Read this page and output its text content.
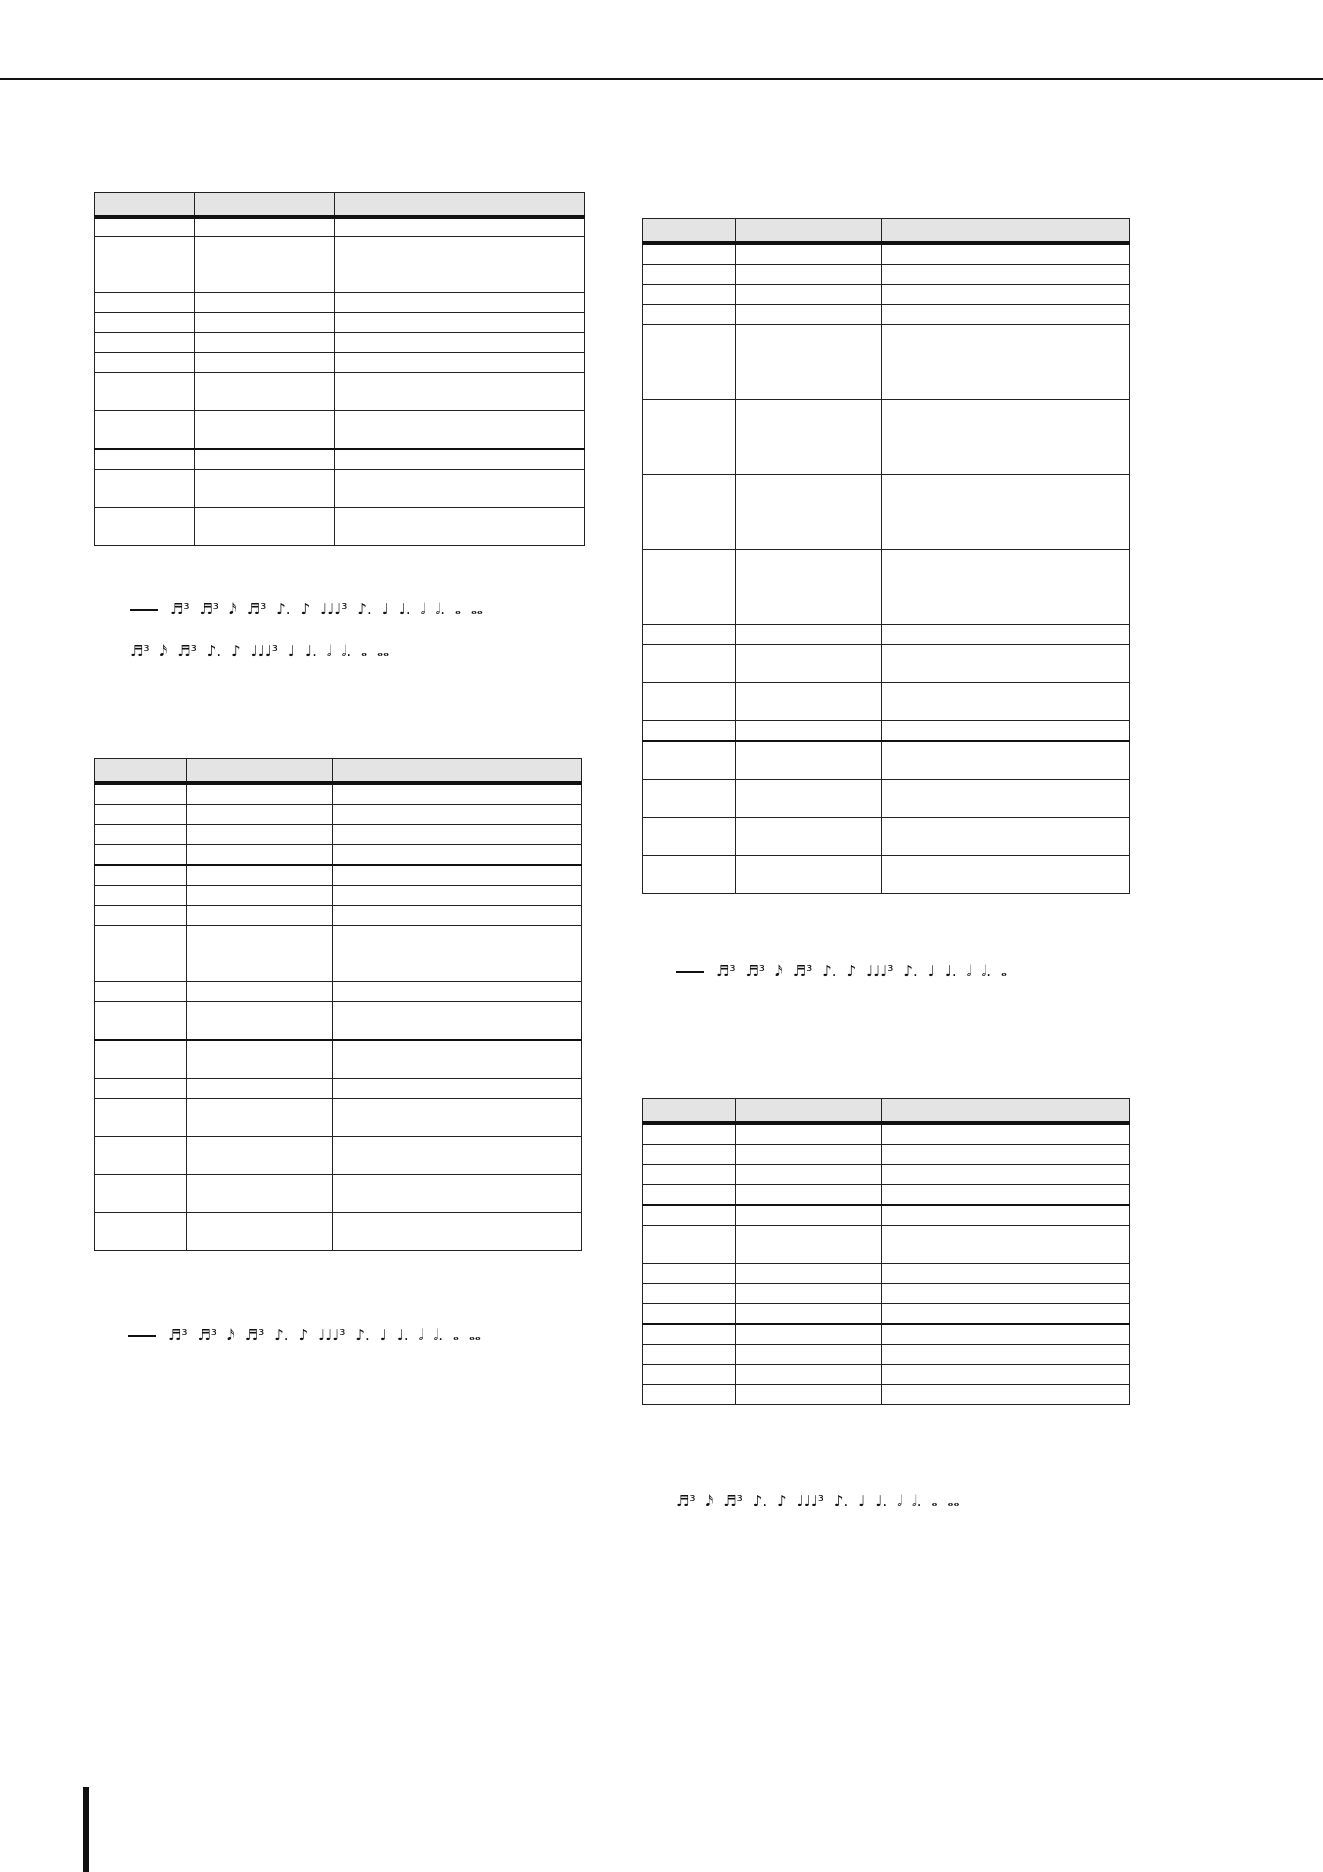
♬³ ♬³ 𝅘𝅥𝅯 ♬³ ♪. ♪ ♩♩♩³ ♪. ♩ ♩. 𝅗𝅥 𝅗𝅥. 𝅝 𝅝𝅝
♬³ 𝅘𝅥𝅯 ♬³ ♪. ♪ ♩♩♩³ ♩ ♩. 𝅗𝅥 𝅗𝅥. 𝅝 𝅝𝅝

♬³ ♬³ 𝅘𝅥𝅯 ♬³ ♪. ♪ ♩♩♩³ ♪. ♩ ♩. 𝅗𝅥 𝅗𝅥. 𝅝 𝅝𝅝

♬³ ♬³ 𝅘𝅥𝅯 ♬³ ♪. ♪ ♩♩♩³ ♪. ♩ ♩. 𝅗𝅥 𝅗𝅥. 𝅝

♬³ 𝅘𝅥𝅯 ♬³ ♪. ♪ ♩♩♩³ ♪. ♩ ♩. 𝅗𝅥 𝅗𝅥. 𝅝 𝅝𝅝
